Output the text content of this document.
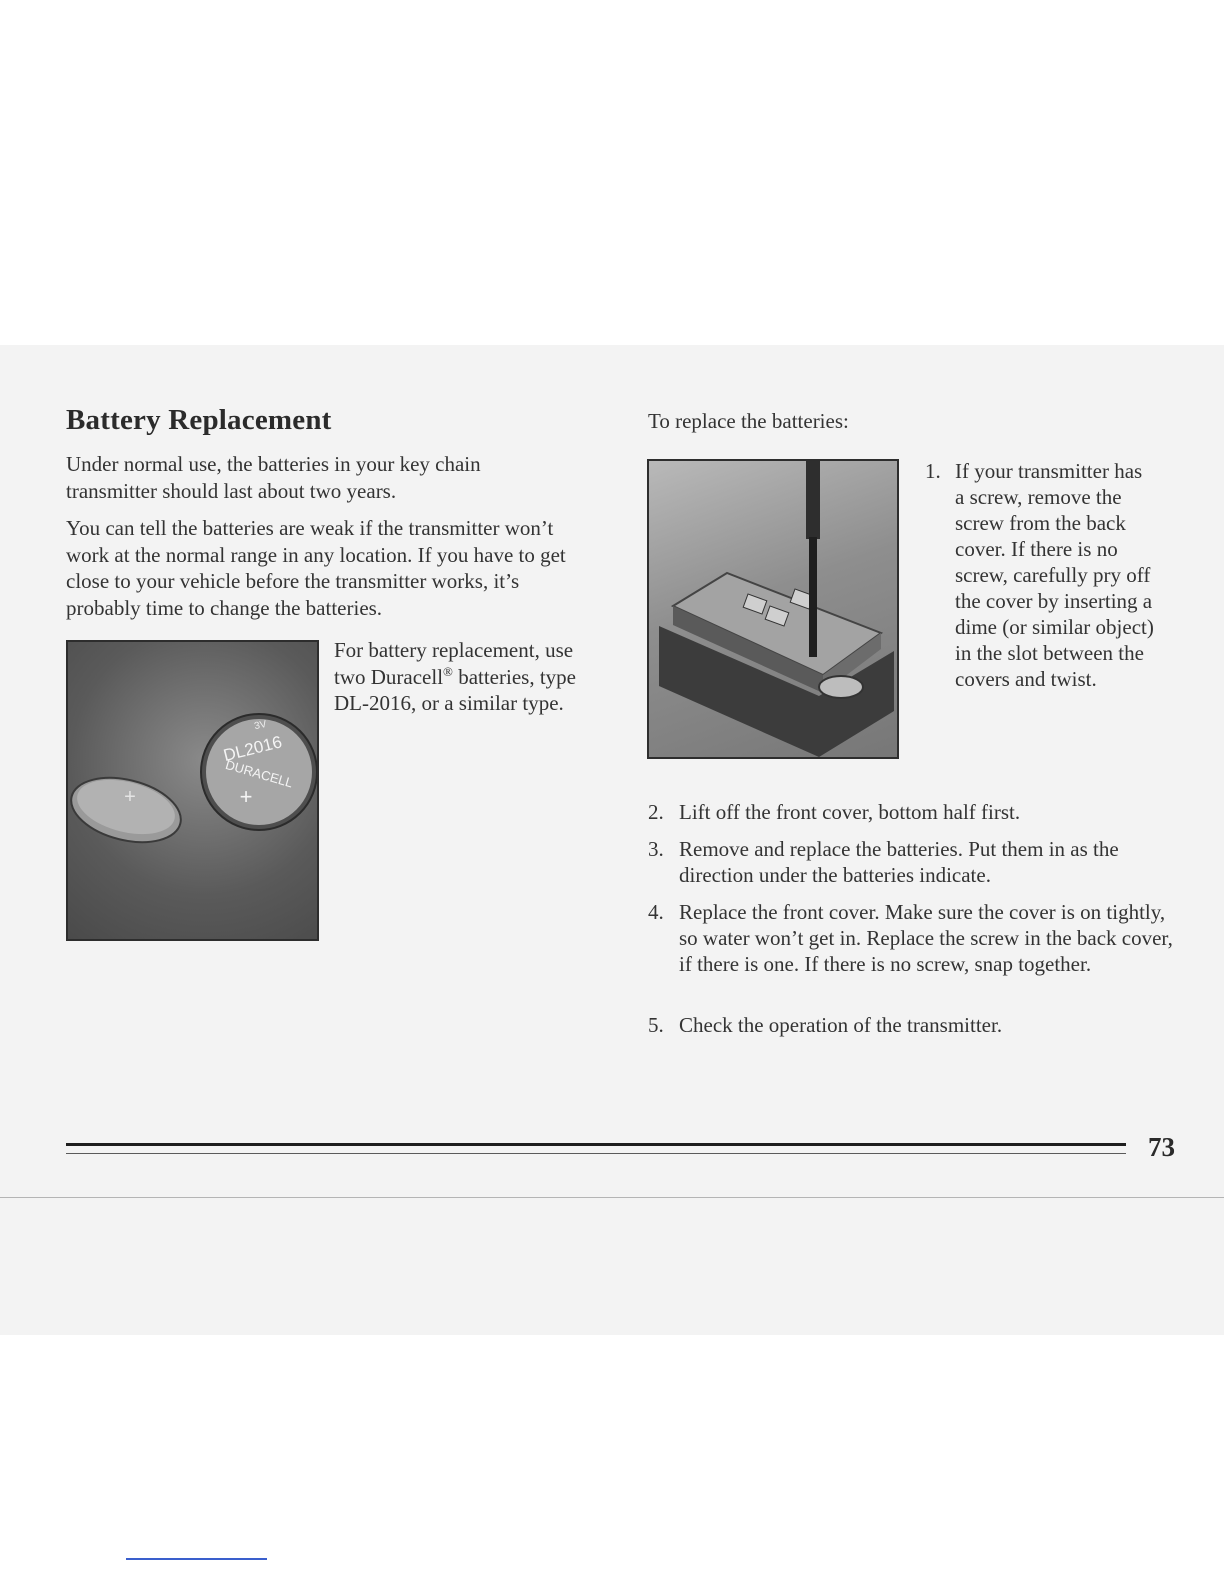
Battery Replacement

Under normal use, the batteries in your key chain transmitter should last about two years.

You can tell the batteries are weak if the transmitter won’t work at the normal range in any location. If you have to get close to your vehicle before the transmitter works, it’s probably time to change the batteries.

+
3V
DL2016
DURACELL
+

For battery replacement, use two Duracell® batteries, type DL-2016, or a similar type.

To replace the batteries:

1. If your transmitter has a screw, remove the screw from the back cover. If there is no screw, carefully pry off the cover by inserting a dime (or similar object) in the slot between the covers and twist.
2. Lift off the front cover, bottom half first.
3. Remove and replace the batteries. Put them in as the direction under the batteries indicate.
4. Replace the front cover. Make sure the cover is on tightly, so water won’t get in. Replace the screw in the back cover, if there is one. If there is no screw, snap together.
5. Check the operation of the transmitter.

73
